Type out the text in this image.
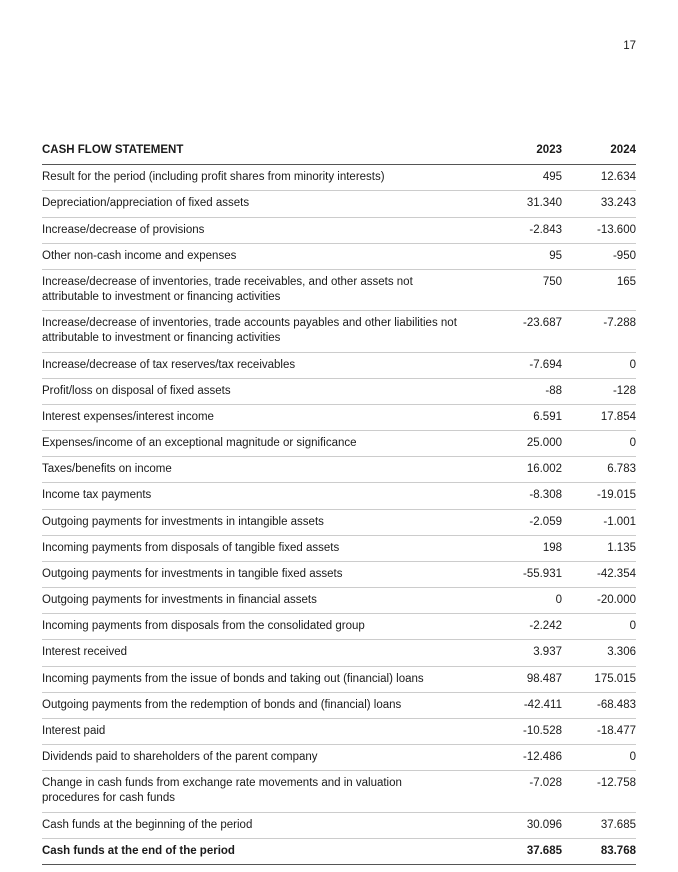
17
CASH FLOW STATEMENT	2023	2024
Result for the period (including profit shares from minority interests)	495	12.634
Depreciation/appreciation of fixed assets	31.340	33.243
Increase/decrease of provisions	-2.843	-13.600
Other non-cash income and expenses	95	-950
Increase/decrease of inventories, trade receivables, and other assets not attributable to investment or financing activities	750	165
Increase/decrease of inventories, trade accounts payables and other liabilities not attributable to investment or financing activities	-23.687	-7.288
Increase/decrease of tax reserves/tax receivables	-7.694	0
Profit/loss on disposal of fixed assets	-88	-128
Interest expenses/interest income	6.591	17.854
Expenses/income of an exceptional magnitude or significance	25.000	0
Taxes/benefits on income	16.002	6.783
Income tax payments	-8.308	-19.015
Outgoing payments for investments in intangible assets	-2.059	-1.001
Incoming payments from disposals of tangible fixed assets	198	1.135
Outgoing payments for investments in tangible fixed assets	-55.931	-42.354
Outgoing payments for investments in financial assets	0	-20.000
Incoming payments from disposals from the consolidated group	-2.242	0
Interest received	3.937	3.306
Incoming payments from the issue of bonds and taking out (financial) loans	98.487	175.015
Outgoing payments from the redemption of bonds and (financial) loans	-42.411	-68.483
Interest paid	-10.528	-18.477
Dividends paid to shareholders of the parent company	-12.486	0
Change in cash funds from exchange rate movements and in valuation procedures for cash funds	-7.028	-12.758
Cash funds at the beginning of the period	30.096	37.685
Cash funds at the end of the period	37.685	83.768
